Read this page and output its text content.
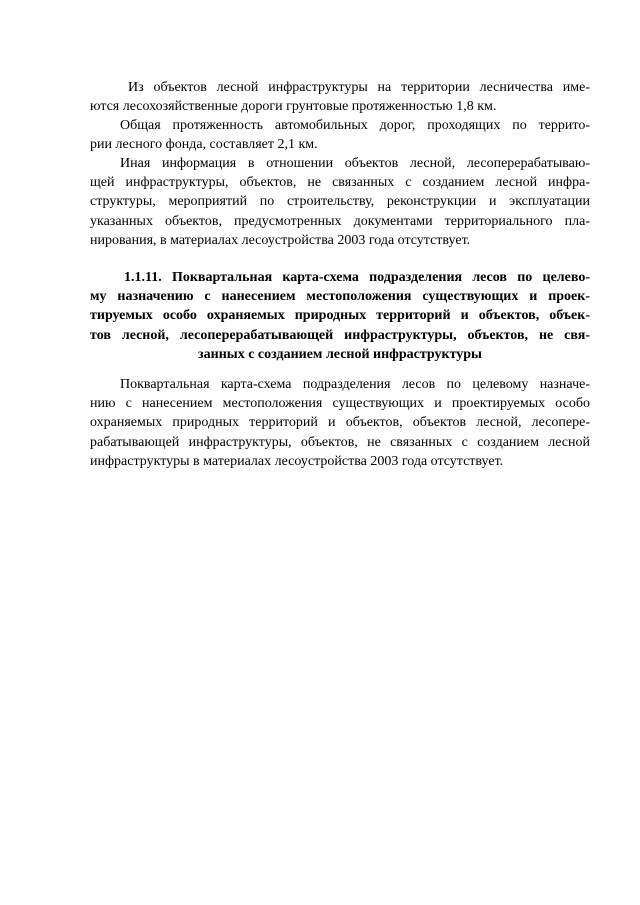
Из объектов лесной инфраструктуры на территории лесничества име-
ются лесохозяйственные дороги грунтовые протяженностью 1,8 км.
Общая протяженность автомобильных дорог, проходящих по террито-
рии лесного фонда, составляет 2,1 км.
Иная информация в отношении объектов лесной, лесоперерабатываю-
щей инфраструктуры, объектов, не связанных с созданием лесной инфра-
структуры, мероприятий по строительству, реконструкции и эксплуатации
указанных объектов, предусмотренных документами территориального пла-
нирования, в материалах лесоустройства 2003 года отсутствует.
1.1.11. Поквартальная карта-схема подразделения лесов по целево-
му назначению с нанесением местоположения существующих и проек-
тируемых особо охраняемых природных территорий и объектов, объек-
тов лесной, лесоперерабатывающей инфраструктуры, объектов, не свя-
занных с созданием лесной инфраструктуры
Поквартальная карта-схема подразделения лесов по целевому назначе-
нию с нанесением местоположения существующих и проектируемых особо
охраняемых природных территорий и объектов, объектов лесной, лесопере-
рабатывающей инфраструктуры, объектов, не связанных с созданием лесной
инфраструктуры в материалах лесоустройства 2003 года отсутствует.
